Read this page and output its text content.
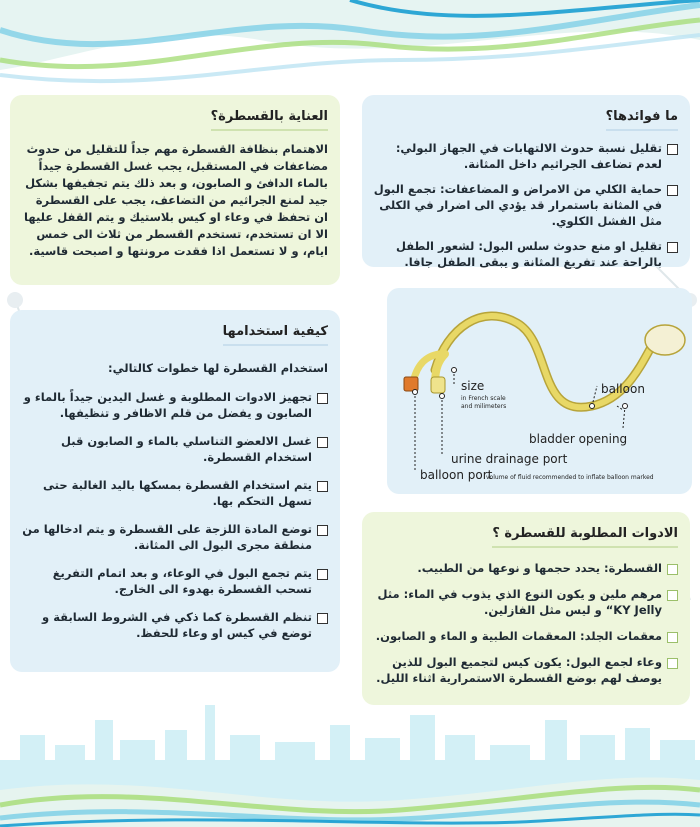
ما فوائدها؟
تقليل نسبة حدوث الالتهابات في الجهاز البولي: لعدم تضاعف الجراثيم داخل المثانة.
حماية الكلي من الامراض و المضاعفات: تجمع البول في المثانة باستمرار قد يؤدي الى اضرار في الكلى مثل الفشل الكلوي.
تقليل او منع حدوث سلس البول: لشعور الطفل بالراحة عند تفريغ المثانة و يبقى الطفل جافا.
العناية بالقسطرة؟

الاهتمام بنظافة القسطرة مهم جداً للتقليل من حدوث مضاعفات في المستقبل، يجب غسل القسطرة جيداً بالماء الدافئ و الصابون، و بعد ذلك يتم تجفيفها بشكل جيد لمنع الجراثيم من التضاعف، يجب على القسطرة ان تحفظ في وعاء او كيس بلاستيك و يتم القفل عليها الا ان تستخدم، تستخدم القسطر من ثلاث الى خمس ايام، و لا تستعمل اذا فقدت مرونتها و اصبحت قاسية.

كيفية استخدامها

استخدام القسطرة لها خطوات كالتالي:

تجهيز الادوات المطلوبة و غسل اليدين جيداً بالماء و الصابون و يفضل من قلم الاظافر و تنظيفها.
غسل الالعضو التناسلي بالماء و الصابون قبل استخدام القسطرة.
يتم استخدام القسطرة بمسكها باليد الغالبة حتى تسهل التحكم بها.
توضع المادة اللزجة على القسطرة و يتم ادخالها من منطقة مجرى البول الى المثانة.
يتم تجمع البول في الوعاء، و بعد اتمام التفريغ تسحب القسطرة بهدوء الى الخارج.
تنظم القسطرة كما ذكي في الشروط السابقة و توضع في كيس او وعاء للحفظ.
size
in French scale
and milimeters
balloon
bladder opening
urine drainage port
balloon port
volume of fluid recommended to inflate balloon marked
الادوات المطلوبة للقسطرة ؟
القسطرة: يحدد حجمها و نوعها من الطبيب.
مرهم ملين و يكون النوع الذي يذوب في الماء: مثل KY Jelly“ و ليس مثل الفازلين.
معقمات الجلد: المعقمات الطبية و الماء و الصابون.
وعاء لجمع البول: يكون كيس لتجميع البول للذين يوصف لهم بوضع القسطرة الاستمرارية اثناء الليل.
